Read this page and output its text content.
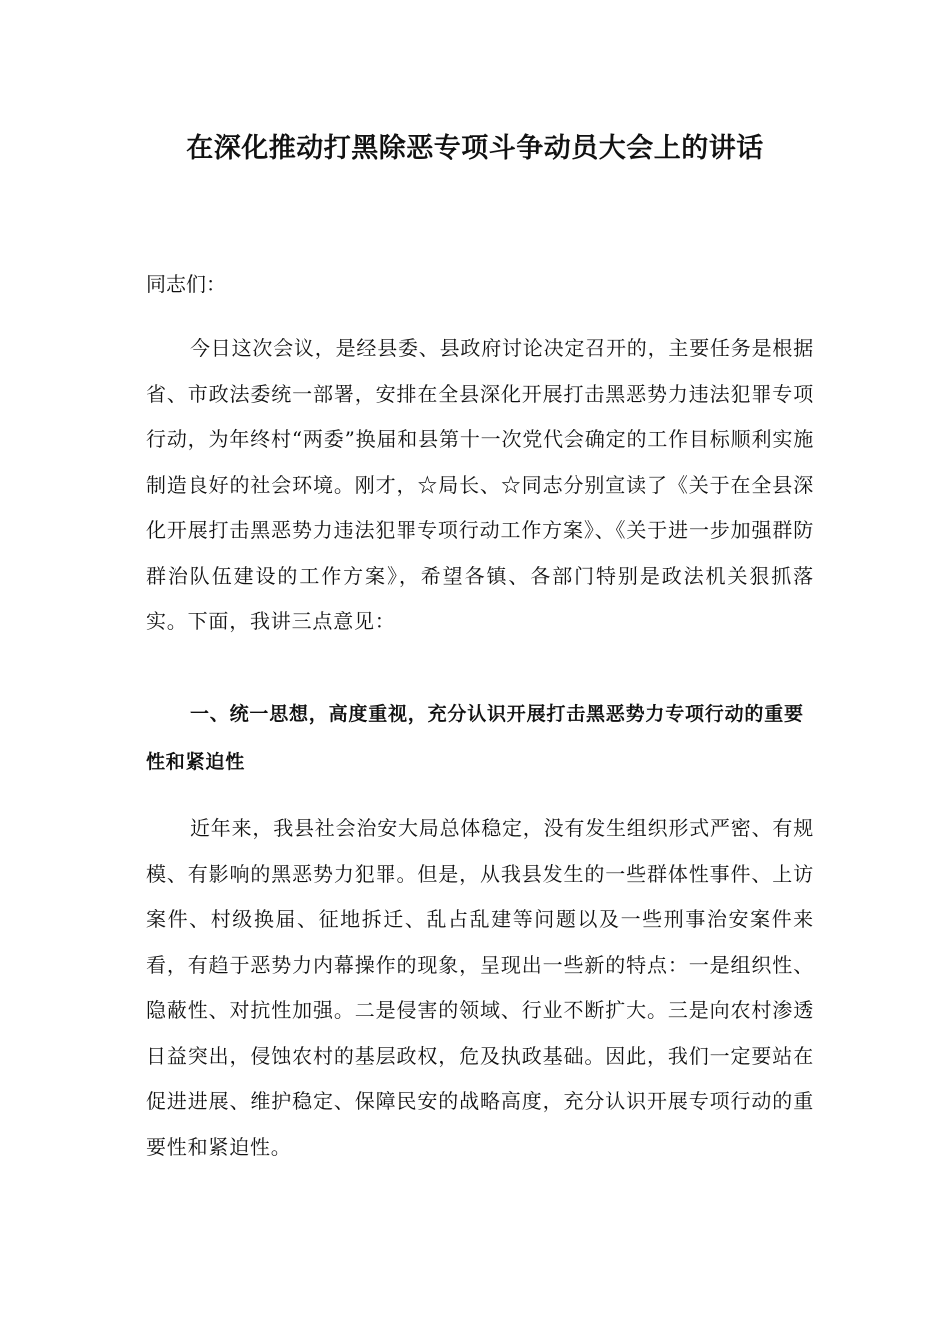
在深化推动打黑除恶专项斗争动员大会上的讲话

同志们：

今日这次会议，是经县委、县政府讨论决定召开的，主要任务是根据省、市政法委统一部署，安排在全县深化开展打击黑恶势力违法犯罪专项行动，为年终村“两委”换届和县第十一次党代会确定的工作目标顺利实施制造良好的社会环境。刚才，☆局长、☆同志分别宣读了《关于在全县深化开展打击黑恶势力违法犯罪专项行动工作方案》、《关于进一步加强群防群治队伍建设的工作方案》，希望各镇、各部门特别是政法机关狠抓落实。下面，我讲三点意见：

一、统一思想，高度重视，充分认识开展打击黑恶势力专项行动的重要性和紧迫性

近年来，我县社会治安大局总体稳定，没有发生组织形式严密、有规模、有影响的黑恶势力犯罪。但是，从我县发生的一些群体性事件、上访案件、村级换届、征地拆迁、乱占乱建等问题以及一些刑事治安案件来看，有趋于恶势力内幕操作的现象，呈现出一些新的特点：一是组织性、隐蔽性、对抗性加强。二是侵害的领域、行业不断扩大。三是向农村渗透日益突出，侵蚀农村的基层政权，危及执政基础。因此，我们一定要站在促进进展、维护稳定、保障民安的战略高度，充分认识开展专项行动的重要性和紧迫性。
